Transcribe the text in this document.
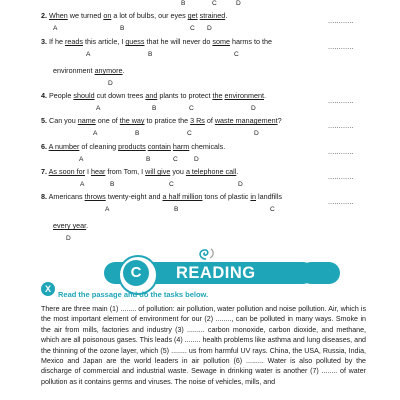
B	C	D
2. When we turned on a lot of bulbs, our eyes get strained.
A	B	C D
............
3. If he reads this article, I guess that he will never do some harms to the
A	B	C
............
environment anymore.
D
4. People should cut down trees and plants to protect the environment.
A	B	C	D
............
5. Can you name one of the way to pratice the 3 Rs of waste management?
A	B	C	D
............
6. A number of cleaning products contain harm chemicals.
A	B	C D
............
7. As soon for I hear from Tom, I will give you a telephone call.
A	B	C	D
............
8. Americans throws twenty-eight and a half million tons of plastic in landfills
A	B	C
............
every year.
D
C	READING
X
Read the passage and do the tasks below.

There are three main (1) ........ of pollution: air pollution, water pollution and noise pollution. Air, which is the most important element of environment for our (2) ........, can be polluted in many ways. Smoke in the air from mills, factories and industry (3) ......... carbon monoxide, carbon dioxide, and methane, which are all poisonous gases. This leads (4) ........ health problems like asthma and lung diseases, and the thinning of the ozone layer, which (5) ........ us from harmful UV rays. China, the USA, Russia, India, Mexico and Japan are the world leaders in air pollution (6) ......... Water is also polluted by the discharge of commercial and industrial waste. Sewage in drinking water is another (7) ........ of water pollution as it contains germs and viruses. The noise of vehicles, mills, and
